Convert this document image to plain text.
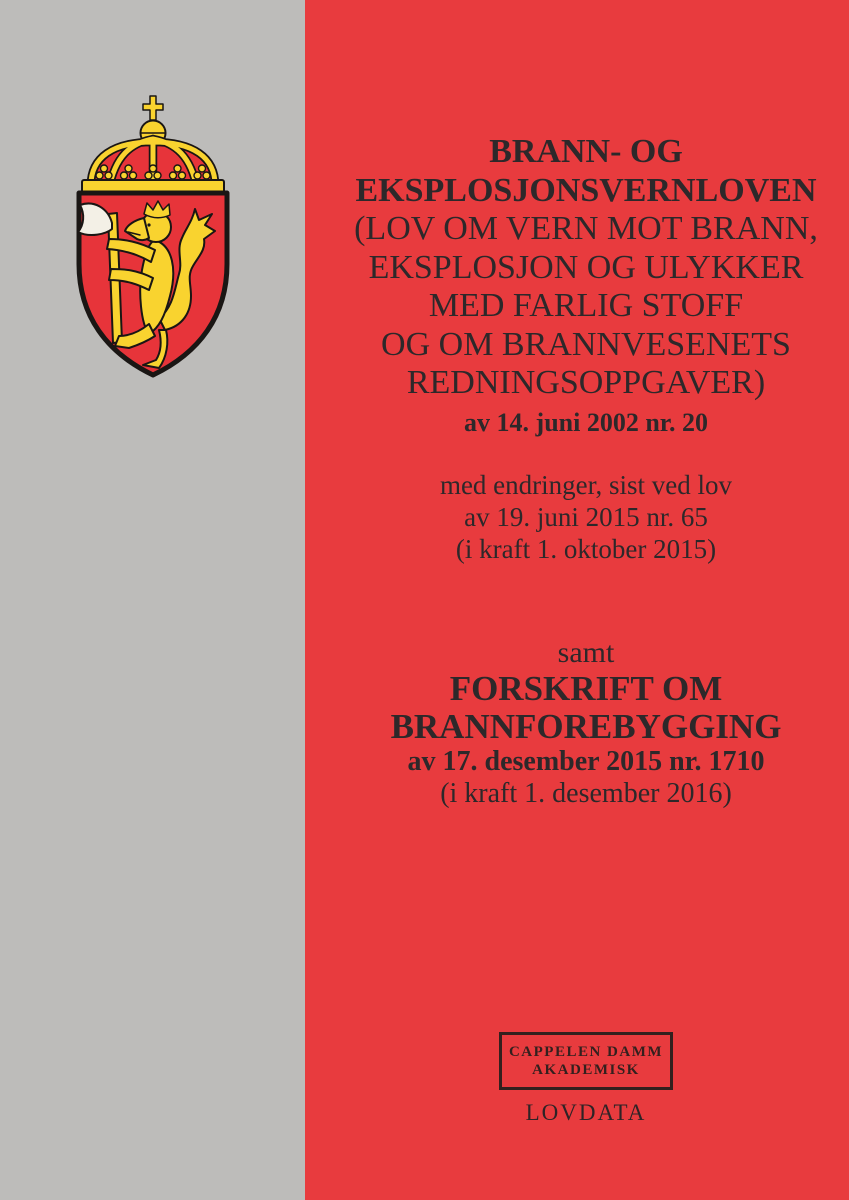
BRANN- OG
EKSPLOSJONSVERNLOVEN
(LOV OM VERN MOT BRANN,
EKSPLOSJON OG ULYKKER
MED FARLIG STOFF
OG OM BRANNVESENETS
REDNINGSOPPGAVER)
av 14. juni 2002 nr. 20
med endringer, sist ved lov
av 19. juni 2015 nr. 65
(i kraft 1. oktober 2015)
samt
FORSKRIFT OM
BRANNFOREBYGGING
av 17. desember 2015 nr. 1710
(i kraft 1. desember 2016)
CAPPELEN DAMM
AKADEMISK
LOVDATA
